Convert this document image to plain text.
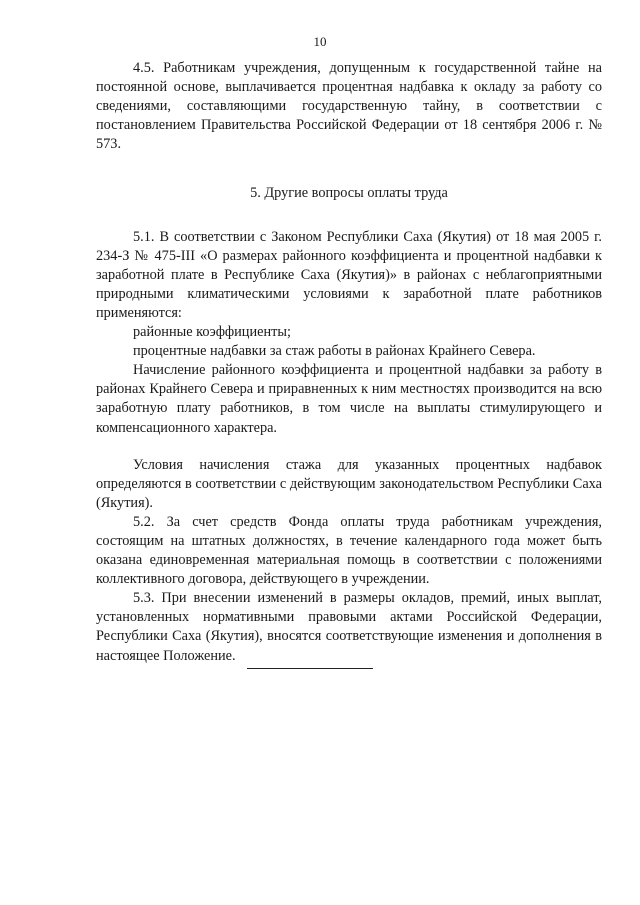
10

4.5. Работникам учреждения, допущенным к государственной тайне на постоянной основе, выплачивается процентная надбавка к окладу за работу со сведениями, составляющими государственную тайну, в соответствии с постановлением Правительства Российской Федерации от 18 сентября 2006 г. № 573.

5. Другие вопросы оплаты труда

5.1. В соответствии с Законом Республики Саха (Якутия) от 18 мая 2005 г. 234-З № 475-III «О размерах районного коэффициента и процентной надбавки к заработной плате в Республике Саха (Якутия)» в районах с неблагоприятными природными климатическими условиями к заработной плате работников применяются:

районные коэффициенты;

процентные надбавки за стаж работы в районах Крайнего Севера.

Начисление районного коэффициента и процентной надбавки за работу в районах Крайнего Севера и приравненных к ним местностях производится на всю заработную плату работников, в том числе на выплаты стимулирующего и компенсационного характера.

Условия начисления стажа для указанных процентных надбавок определяются в соответствии с действующим законодательством Республики Саха (Якутия).

5.2. За счет средств Фонда оплаты труда работникам учреждения, состоящим на штатных должностях, в течение календарного года может быть оказана единовременная материальная помощь в соответствии с положениями коллективного договора, действующего в учреждении.

5.3. При внесении изменений в размеры окладов, премий, иных выплат, установленных нормативными правовыми актами Российской Федерации, Республики Саха (Якутия), вносятся соответствующие изменения и дополнения в настоящее Положение.
